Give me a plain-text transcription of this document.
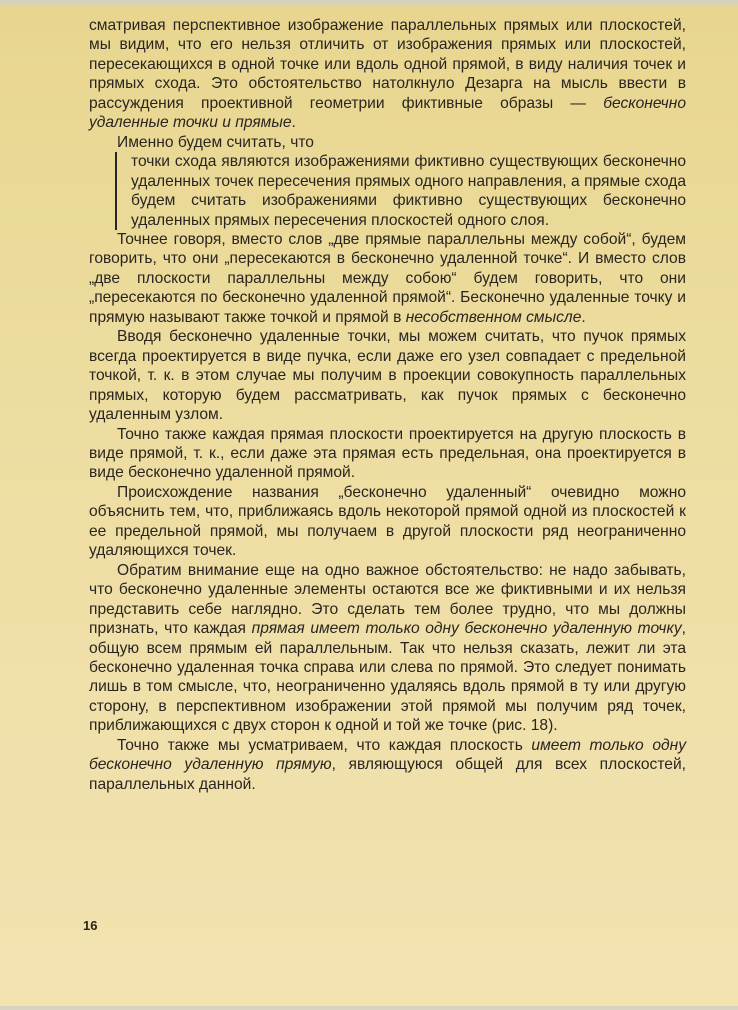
сматривая перспективное изображение параллельных прямых или плоскостей, мы видим, что его нельзя отличить от изображения прямых или плоскостей, пересекающихся в одной точке или вдоль одной прямой, в виду наличия точек и прямых схода. Это обстоятельство натолкнуло Дезарга на мысль ввести в рассуждения проективной геометрии фиктивные образы — бесконечно удаленные точки и прямые.

Именно будем считать, что

точки схода являются изображениями фиктивно существующих бесконечно удаленных точек пересечения прямых одного направления, а прямые схода будем считать изображениями фиктивно существующих бесконечно удаленных прямых пересечения плоскостей одного слоя.

Точнее говоря, вместо слов „две прямые параллельны между собой“, будем говорить, что они „пересекаются в бесконечно удаленной точке“. И вместо слов „две плоскости параллельны между собою“ будем говорить, что они „пересекаются по бесконечно удаленной прямой“. Бесконечно удаленные точку и прямую называют также точкой и прямой в несобственном смысле.

Вводя бесконечно удаленные точки, мы можем считать, что пучок прямых всегда проектируется в виде пучка, если даже его узел совпадает с предельной точкой, т. к. в этом случае мы получим в проекции совокупность параллельных прямых, которую будем рассматривать, как пучок прямых с бесконечно удаленным узлом.

Точно также каждая прямая плоскости проектируется на другую плоскость в виде прямой, т. к., если даже эта прямая есть предельная, она проектируется в виде бесконечно удаленной прямой.

Происхождение названия „бесконечно удаленный“ очевидно можно объяснить тем, что, приближаясь вдоль некоторой прямой одной из плоскостей к ее предельной прямой, мы получаем в другой плоскости ряд неограниченно удаляющихся точек.

Обратим внимание еще на одно важное обстоятельство: не надо забывать, что бесконечно удаленные элементы остаются все же фиктивными и их нельзя представить себе наглядно. Это сделать тем более трудно, что мы должны признать, что каждая прямая имеет только одну бесконечно удаленную точку, общую всем прямым ей параллельным. Так что нельзя сказать, лежит ли эта бесконечно удаленная точка справа или слева по прямой. Это следует понимать лишь в том смысле, что, неограниченно удаляясь вдоль прямой в ту или другую сторону, в перспективном изображении этой прямой мы получим ряд точек, приближающихся с двух сторон к одной и той же точке (рис. 18).

Точно также мы усматриваем, что каждая плоскость имеет только одну бесконечно удаленную прямую, являющуюся общей для всех плоскостей, параллельных данной.

16
